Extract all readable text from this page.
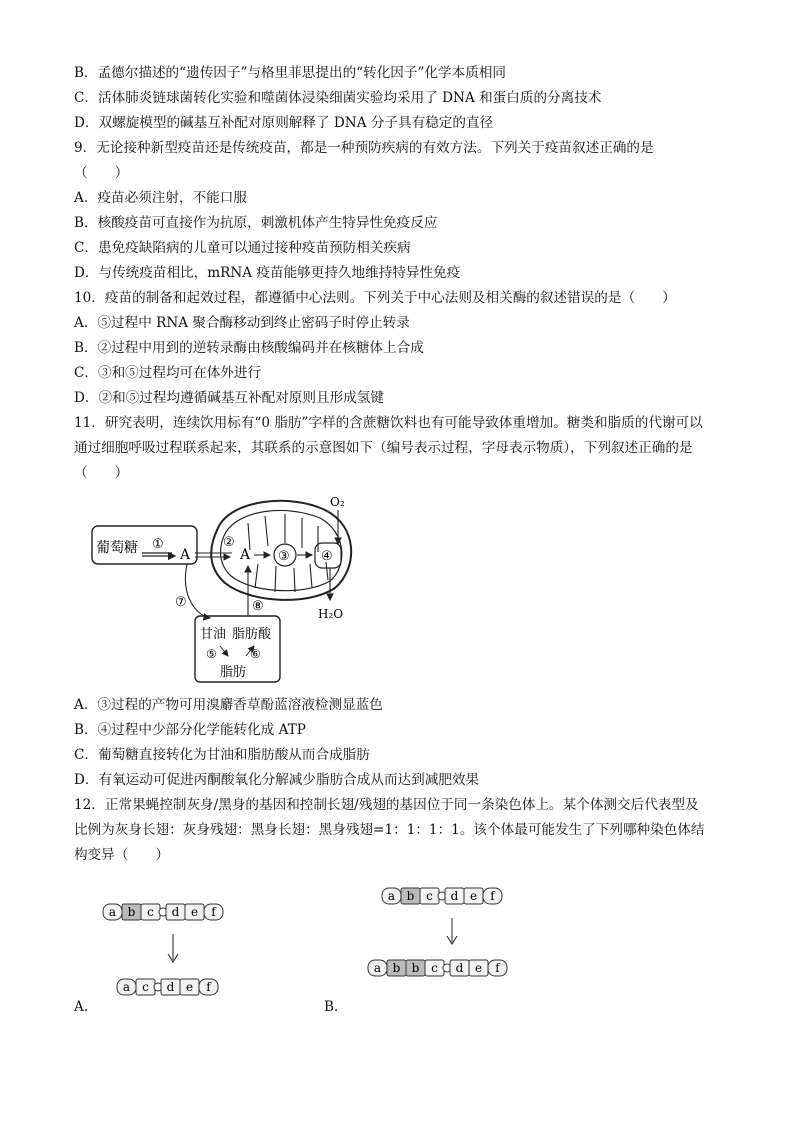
B．孟德尔描述的“遗传因子”与格里菲思提出的“转化因子”化学本质相同
C．活体肺炎链球菌转化实验和噬菌体浸染细菌实验均采用了 DNA 和蛋白质的分离技术
D．双螺旋模型的碱基互补配对原则解释了 DNA 分子具有稳定的直径
9．无论接种新型疫苗还是传统疫苗，都是一种预防疾病的有效方法。下列关于疫苗叙述正确的是
（　　）
A．疫苗必须注射，不能口服
B．核酸疫苗可直接作为抗原，刺激机体产生特异性免疫反应
C．患免疫缺陷病的儿童可以通过接种疫苗预防相关疾病
D．与传统疫苗相比，mRNA 疫苗能够更持久地维持特异性免疫
10．疫苗的制备和起效过程，都遵循中心法则。下列关于中心法则及相关酶的叙述错误的是（　　）
A．⑤过程中 RNA 聚合酶移动到终止密码子时停止转录
B．②过程中用到的逆转录酶由核酸编码并在核糖体上合成
C．③和⑤过程均可在体外进行
D．②和⑤过程均遵循碱基互补配对原则且形成氢键
11．研究表明，连续饮用标有“0 脂肪”字样的含蔗糖饮料也有可能导致体重增加。糖类和脂质的代谢可以
通过细胞呼吸过程联系起来，其联系的示意图如下（编号表示过程，字母表示物质），下列叙述正确的是
（　　）
葡萄糖 ①
A
②
A ③ ④
O₂
H₂O
甘油 脂肪酸
⑤	⑥
脂肪
⑦	⑧
A．③过程的产物可用溴麝香草酚蓝溶液检测显蓝色
B．④过程中少部分化学能转化成 ATP
C．葡萄糖直接转化为甘油和脂肪酸从而合成脂肪
D．有氧运动可促进丙酮酸氧化分解减少脂肪合成从而达到减肥效果
12．正常果蝇控制灰身/黑身的基因和控制长翅/残翅的基因位于同一条染色体上。某个体测交后代表型及
比例为灰身长翅：灰身残翅：黑身长翅：黑身残翅=1：1：1：1。该个体最可能发生了下列哪种染色体结
构变异（　　）
a b c d e f
a c d e f
a b c d e f
a b b c d e f
A．	B．
